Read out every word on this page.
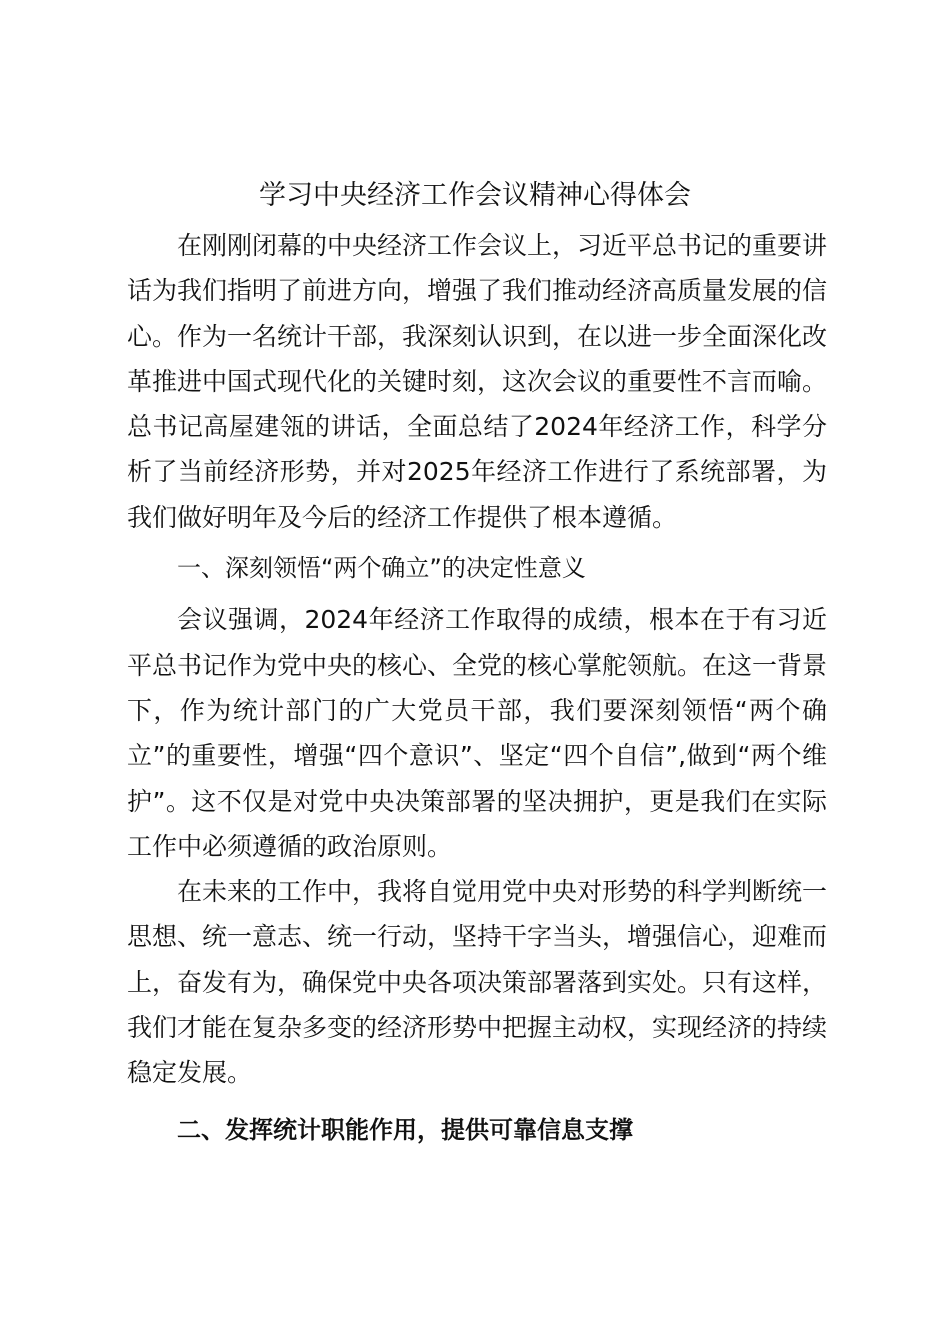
学习中央经济工作会议精神心得体会

在刚刚闭幕的中央经济工作会议上，习近平总书记的重要讲话为我们指明了前进方向，增强了我们推动经济高质量发展的信心。作为一名统计干部，我深刻认识到，在以进一步全面深化改革推进中国式现代化的关键时刻，这次会议的重要性不言而喻。总书记高屋建瓴的讲话，全面总结了2024年经济工作，科学分析了当前经济形势，并对2025年经济工作进行了系统部署，为我们做好明年及今后的经济工作提供了根本遵循。

一、深刻领悟“两个确立”的决定性意义

会议强调，2024年经济工作取得的成绩，根本在于有习近平总书记作为党中央的核心、全党的核心掌舵领航。在这一背景下，作为统计部门的广大党员干部，我们要深刻领悟“两个确立”的重要性，增强“四个意识”、坚定“四个自信”,做到“两个维护”。这不仅是对党中央决策部署的坚决拥护，更是我们在实际工作中必须遵循的政治原则。

在未来的工作中，我将自觉用党中央对形势的科学判断统一思想、统一意志、统一行动，坚持干字当头，增强信心，迎难而上，奋发有为，确保党中央各项决策部署落到实处。只有这样，我们才能在复杂多变的经济形势中把握主动权，实现经济的持续稳定发展。

二、发挥统计职能作用，提供可靠信息支撑
